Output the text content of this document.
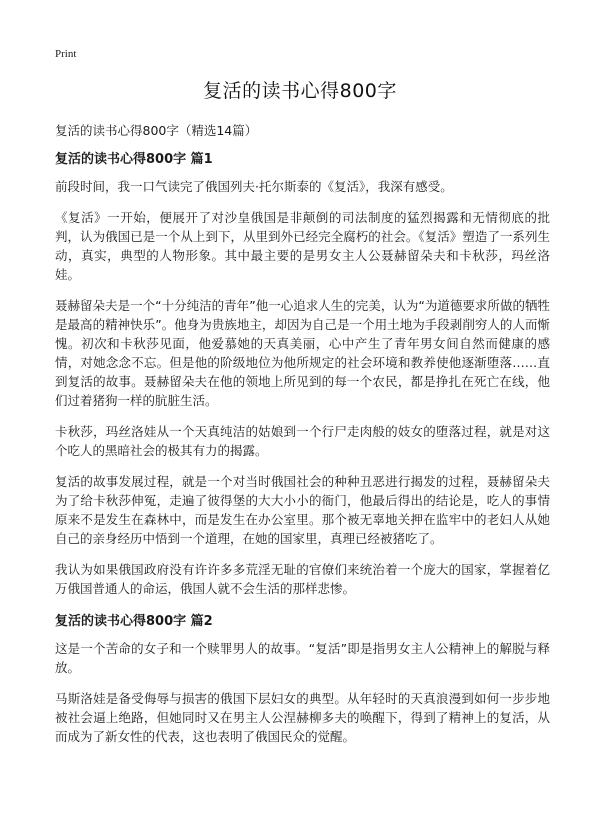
Print
复活的读书心得800字

复活的读书心得800字（精选14篇）

复活的读书心得800字 篇1

前段时间，我一口气读完了俄国列夫·托尔斯泰的《复活》，我深有感受。

《复活》一开始，便展开了对沙皇俄国是非颠倒的司法制度的猛烈揭露和无情彻底的批判，认为俄国已是一个从上到下，从里到外已经完全腐朽的社会。《复活》塑造了一系列生动，真实，典型的人物形象。其中最主要的是男女主人公聂赫留朵夫和卡秋莎，玛丝洛娃。

聂赫留朵夫是一个“十分纯洁的青年”他一心追求人生的完美，认为“为道德要求所做的牺牲是最高的精神快乐”。他身为贵族地主，却因为自己是一个用土地为手段剥削穷人的人而惭愧。初次和卡秋莎见面，他爱慕她的天真美丽，心中产生了青年男女间自然而健康的感情，对她念念不忘。但是他的阶级地位为他所规定的社会环境和教养使他逐渐堕落……直到复活的故事。聂赫留朵夫在他的领地上所见到的每一个农民，都是挣扎在死亡在线，他们过着猪狗一样的肮脏生活。

卡秋莎，玛丝洛娃从一个天真纯洁的姑娘到一个行尸走肉般的妓女的堕落过程，就是对这个吃人的黑暗社会的极其有力的揭露。

复活的故事发展过程，就是一个对当时俄国社会的种种丑恶进行揭发的过程，聂赫留朵夫为了给卡秋莎伸冤，走遍了彼得堡的大大小小的衙门，他最后得出的结论是，吃人的事情原来不是发生在森林中，而是发生在办公室里。那个被无辜地关押在监牢中的老妇人从她自己的亲身经历中悟到一个道理，在她的国家里，真理已经被猪吃了。

我认为如果俄国政府没有许许多多荒淫无耻的官僚们来统治着一个庞大的国家，掌握着亿万俄国普通人的命运，俄国人就不会生活的那样悲惨。

复活的读书心得800字 篇2

这是一个苦命的女子和一个赎罪男人的故事。“复活”即是指男女主人公精神上的解脱与释放。

马斯洛娃是备受侮辱与损害的俄国下层妇女的典型。从年轻时的天真浪漫到如何一步步地被社会逼上绝路，但她同时又在男主人公涅赫柳多夫的唤醒下，得到了精神上的复活，从而成为了新女性的代表，这也表明了俄国民众的觉醒。
